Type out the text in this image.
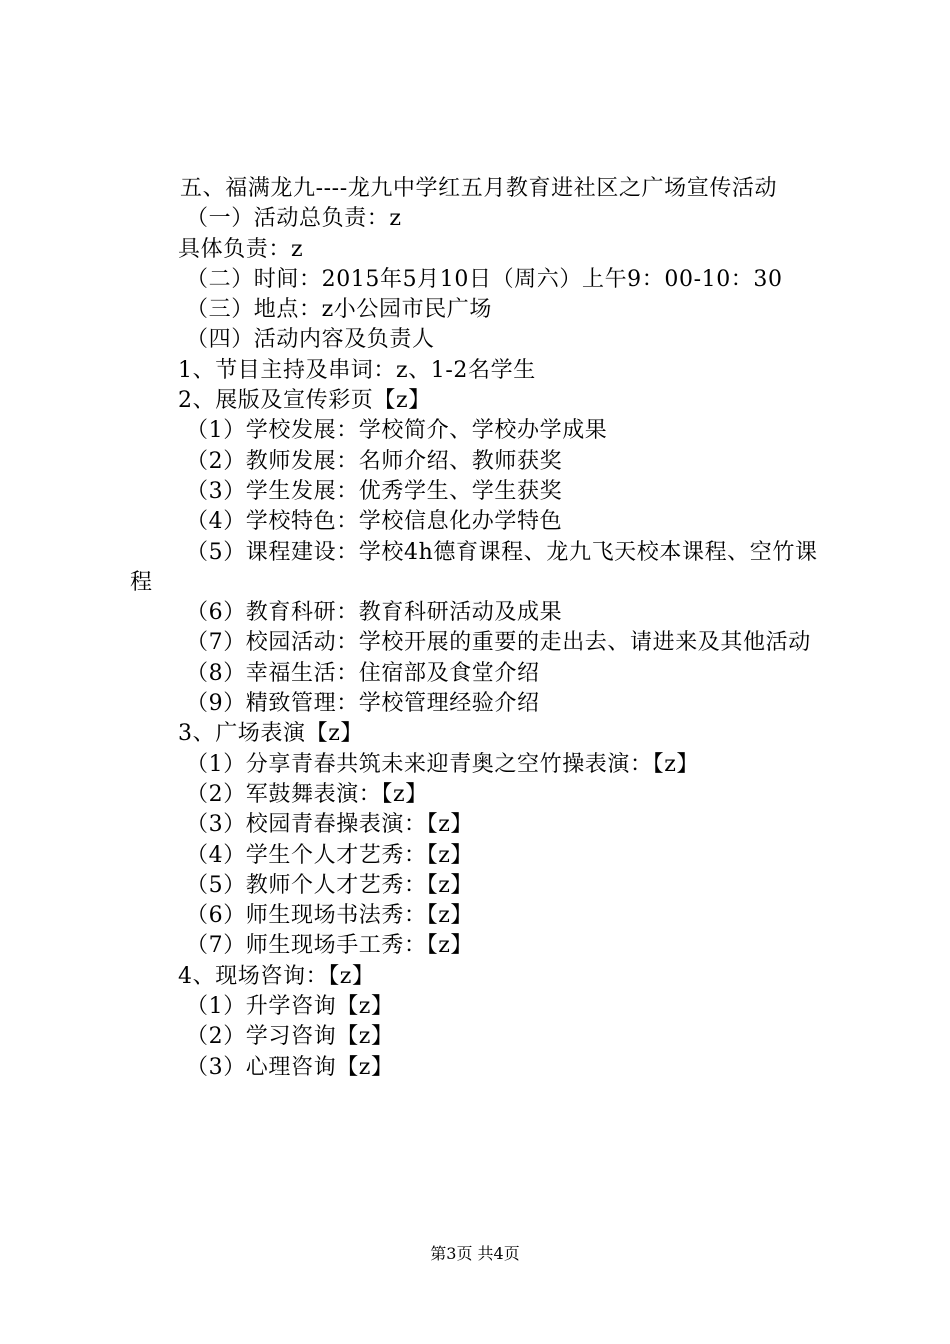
五、福满龙九----龙九中学红五月教育进社区之广场宣传活动

（一）活动总负责：z

具体负责：z

（二）时间：2015年5月10日（周六）上午9：00-10：30

（三）地点：z小公园市民广场

（四）活动内容及负责人

1、节目主持及串词：z、1-2名学生

2、展版及宣传彩页【z】

（1）学校发展：学校简介、学校办学成果

（2）教师发展：名师介绍、教师获奖

（3）学生发展：优秀学生、学生获奖

（4）学校特色：学校信息化办学特色

（5）课程建设：学校4h德育课程、龙九飞天校本课程、空竹课程

（6）教育科研：教育科研活动及成果

（7）校园活动：学校开展的重要的走出去、请进来及其他活动

（8）幸福生活：住宿部及食堂介绍

（9）精致管理：学校管理经验介绍

3、广场表演【z】

（1）分享青春共筑未来迎青奥之空竹操表演：【z】

（2）军鼓舞表演：【z】

（3）校园青春操表演：【z】

（4）学生个人才艺秀：【z】

（5）教师个人才艺秀：【z】

（6）师生现场书法秀：【z】

（7）师生现场手工秀：【z】

4、现场咨询：【z】

（1）升学咨询【z】

（2）学习咨询【z】

（3）心理咨询【z】

第3页 共4页
